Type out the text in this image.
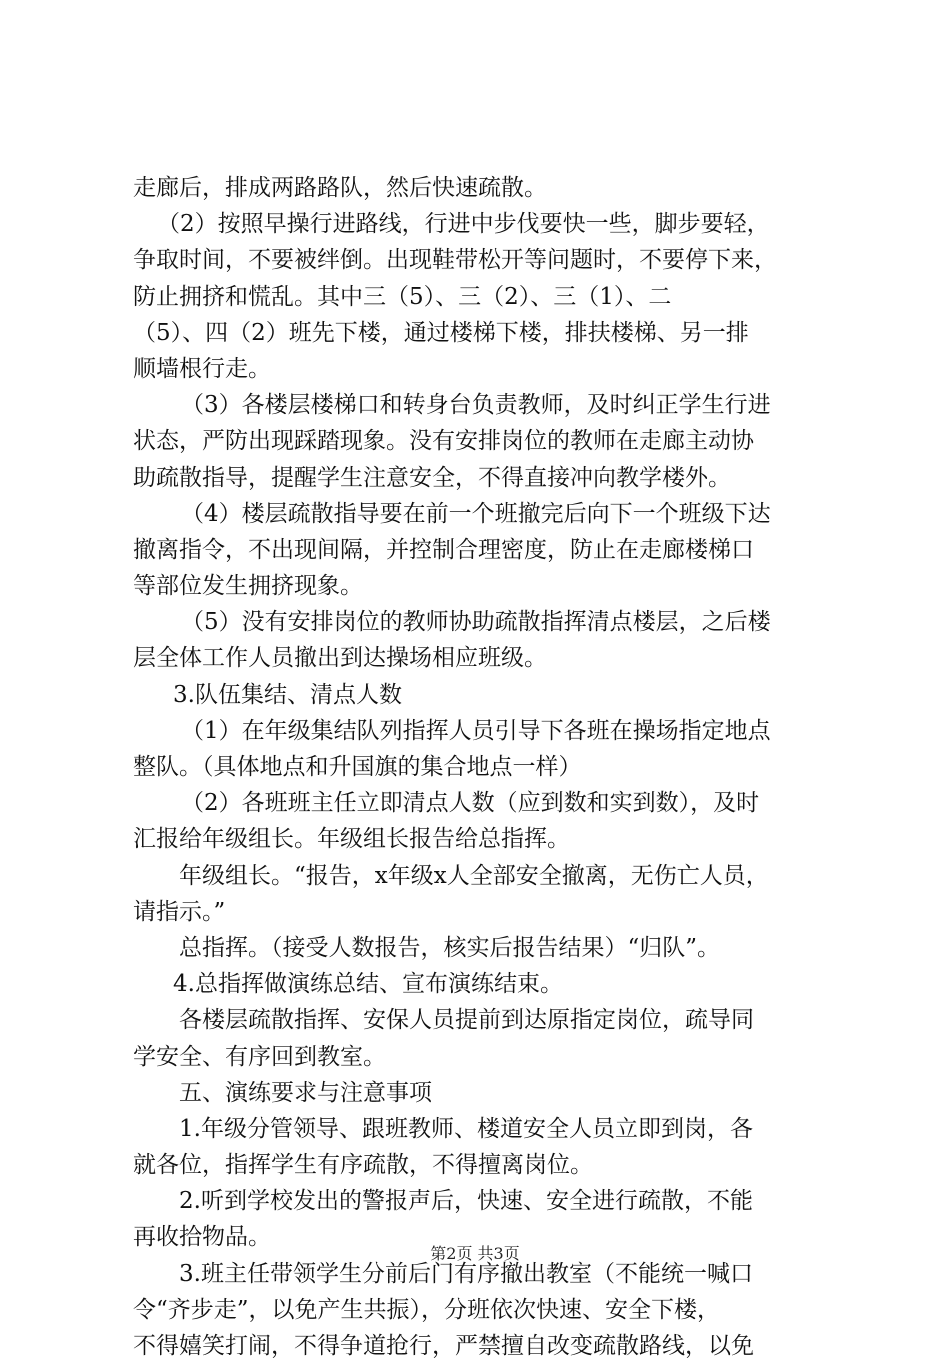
走廊后，排成两路路队，然后快速疏散。
（2）按照早操行进路线，行进中步伐要快一些，脚步要轻，
争取时间，不要被绊倒。出现鞋带松开等问题时，不要停下来，
防止拥挤和慌乱。其中三（5）、三（2）、三（1）、二
（5）、四（2）班先下楼，通过楼梯下楼，排扶楼梯、另一排
顺墙根行走。
（3）各楼层楼梯口和转身台负责教师，及时纠正学生行进
状态，严防出现踩踏现象。没有安排岗位的教师在走廊主动协
助疏散指导，提醒学生注意安全，不得直接冲向教学楼外。
（4）楼层疏散指导要在前一个班撤完后向下一个班级下达
撤离指令，不出现间隔，并控制合理密度，防止在走廊楼梯口
等部位发生拥挤现象。
（5）没有安排岗位的教师协助疏散指挥清点楼层，之后楼
层全体工作人员撤出到达操场相应班级。
3.队伍集结、清点人数
（1）在年级集结队列指挥人员引导下各班在操场指定地点
整队。（具体地点和升国旗的集合地点一样）
（2）各班班主任立即清点人数（应到数和实到数），及时
汇报给年级组长。年级组长报告给总指挥。
年级组长。“报告，x年级x人全部安全撤离，无伤亡人员，
请指示。”
总指挥。（接受人数报告，核实后报告结果）“归队”。
4.总指挥做演练总结、宣布演练结束。
各楼层疏散指挥、安保人员提前到达原指定岗位，疏导同
学安全、有序回到教室。
五、演练要求与注意事项
1.年级分管领导、跟班教师、楼道安全人员立即到岗，各
就各位，指挥学生有序疏散，不得擅离岗位。
2.听到学校发出的警报声后，快速、安全进行疏散，不能
再收拾物品。
3.班主任带领学生分前后门有序撤出教室（不能统一喊口
令“齐步走”，以免产生共振），分班依次快速、安全下楼，
不得嬉笑打闹，不得争道抢行，严禁擅自改变疏散路线，以免
第2页 共3页
